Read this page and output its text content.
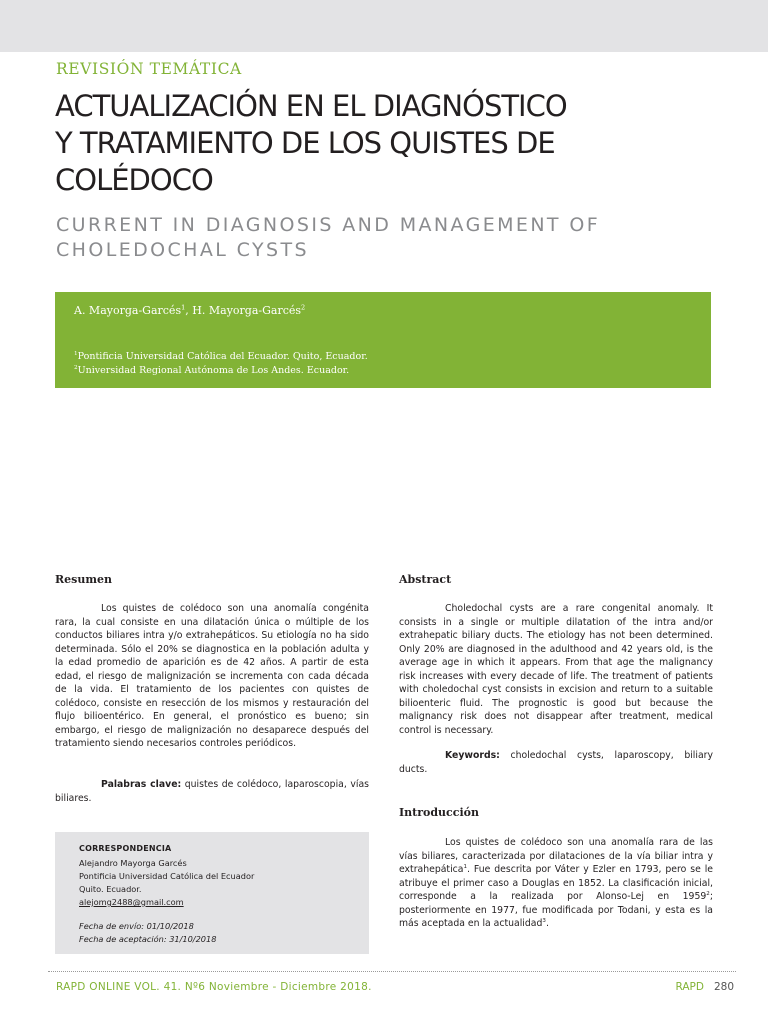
REVISIÓN TEMÁTICA
ACTUALIZACIÓN EN EL DIAGNÓSTICO
Y TRATAMIENTO DE LOS QUISTES DE
COLÉDOCO
CURRENT IN DIAGNOSIS AND MANAGEMENT OF
CHOLEDOCHAL CYSTS
A. Mayorga-Garcés$^1$, H. Mayorga-Garcés$^2$
$^1$Pontificia Universidad Católica del Ecuador. Quito, Ecuador.
$^2$Universidad Regional Autónoma de Los Andes. Ecuador.
Resumen

Los quistes de colédoco son una anomalía congénita rara, la cual consiste en una dilatación única o múltiple de los conductos biliares intra y/o extrahepáticos. Su etiología no ha sido determinada. Sólo el 20% se diagnostica en la población adulta y la edad promedio de aparición es de 42 años. A partir de esta edad, el riesgo de malignización se incrementa con cada década de la vida. El tratamiento de los pacientes con quistes de colédoco, consiste en resección de los mismos y restauración del flujo bilioentérico. En general, el pronóstico es bueno; sin embargo, el riesgo de malignización no desaparece después del tratamiento siendo necesarios controles periódicos.

Palabras clave: quistes de colédoco, laparoscopia, vías biliares.

Abstract

Choledochal cysts are a rare congenital anomaly. It consists in a single or multiple dilatation of the intra and/or extrahepatic biliary ducts. The etiology has not been determined. Only 20% are diagnosed in the adulthood and 42 years old, is the average age in which it appears. From that age the malignancy risk increases with every decade of life. The treatment of patients with choledochal cyst consists in excision and return to a suitable bilioenteric fluid. The prognostic is good but because the malignancy risk does not disappear after treatment, medical control is necessary.

Keywords: choledochal cysts, laparoscopy, biliary ducts.

Introducción

Los quistes de colédoco son una anomalía rara de las vías biliares, caracterizada por dilataciones de la vía biliar intra y extrahepática$^1$. Fue descrita por Váter y Ezler en 1793, pero se le atribuye el primer caso a Douglas en 1852. La clasificación inicial, corresponde a la realizada por Alonso-Lej en 1959$^2$; posteriormente en 1977, fue modificada por Todani, y esta es la más aceptada en la actualidad$^3$.

CORRESPONDENCIA
Alejandro Mayorga Garcés
Pontificia Universidad Católica del Ecuador
Quito. Ecuador.
alejomg2488@gmail.com
Fecha de envío: 01/10/2018
Fecha de aceptación: 31/10/2018
RAPD ONLINE VOL. 41. Nº6 Noviembre - Diciembre 2018.	RAPD 280
